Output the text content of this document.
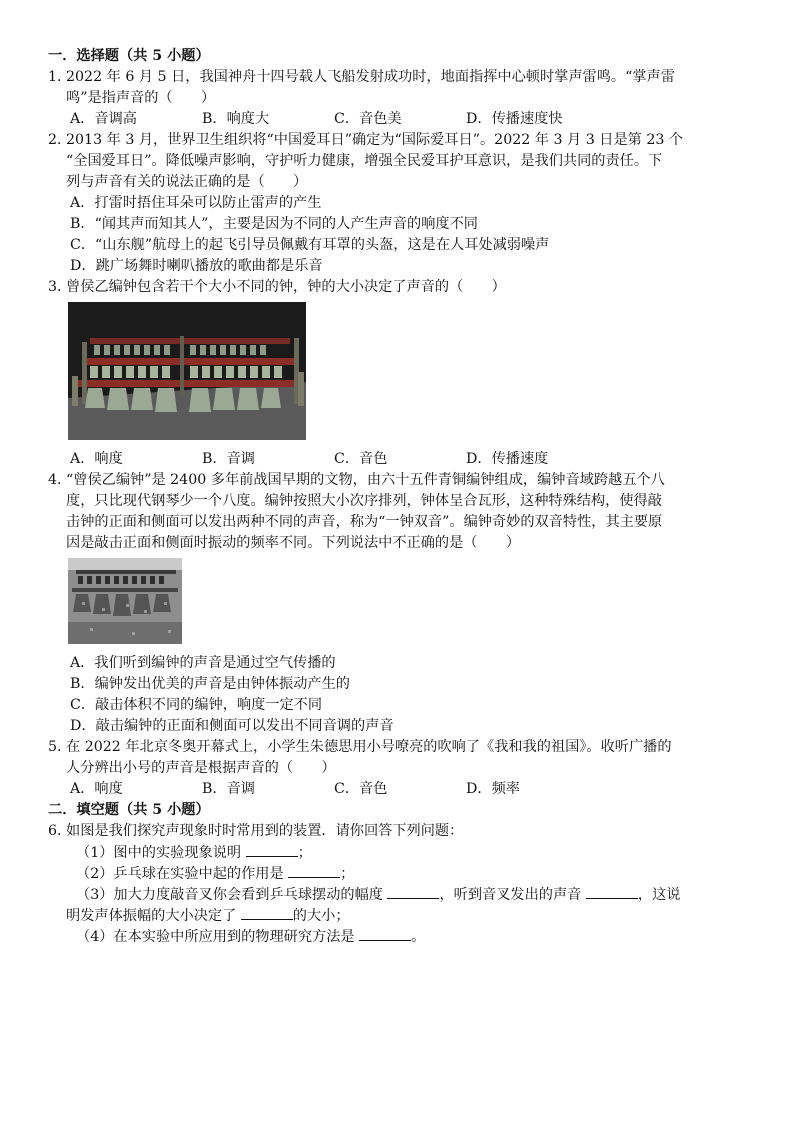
一．选择题（共 5 小题）
1．
2022 年 6 月 5 日，我国神舟十四号载人飞船发射成功时，地面指挥中心顿时掌声雷鸣。“掌声雷
鸣”是指声音的（　　）
A．音调高	B．响度大	C．音色美	D．传播速度快
2．
2013 年 3 月，世界卫生组织将“中国爱耳日”确定为“国际爱耳日”。2022 年 3 月 3 日是第 23 个
“全国爱耳日”。降低噪声影响，守护听力健康，增强全民爱耳护耳意识，是我们共同的责任。下
列与声音有关的说法正确的是（　　）
A．打雷时捂住耳朵可以防止雷声的产生
B．“闻其声而知其人”，主要是因为不同的人产生声音的响度不同
C．“山东舰”航母上的起飞引导员佩戴有耳罩的头盔，这是在人耳处减弱噪声
D．跳广场舞时喇叭播放的歌曲都是乐音
3．
曾侯乙编钟包含若干个大小不同的钟，钟的大小决定了声音的（　　）
A．响度	B．音调	C．音色	D．传播速度
4．
“曾侯乙编钟”是 2400 多年前战国早期的文物，由六十五件青铜编钟组成，编钟音域跨越五个八
度，只比现代钢琴少一个八度。编钟按照大小次序排列，钟体呈合瓦形，这种特殊结构，使得敲
击钟的正面和侧面可以发出两种不同的声音，称为“一钟双音”。编钟奇妙的双音特性，其主要原
因是敲击正面和侧面时振动的频率不同。下列说法中不正确的是（　　）
A．我们听到编钟的声音是通过空气传播的
B．编钟发出优美的声音是由钟体振动产生的
C．敲击体积不同的编钟，响度一定不同
D．敲击编钟的正面和侧面可以发出不同音调的声音
5．
在 2022 年北京冬奥开幕式上，小学生朱德思用小号嘹亮的吹响了《我和我的祖国》。收听广播的
人分辨出小号的声音是根据声音的（　　）
A．响度	B．音调	C．音色	D．频率
二．填空题（共 5 小题）
6．
如图是我们探究声现象时时常用到的装置．请你回答下列问题：
（1）图中的实验现象说明	；
（2）乒乓球在实验中起的作用是	；
（3）加大力度敲音叉你会看到乒乓球摆动的幅度	，听到音叉发出的声音	，这说
明发声体振幅的大小决定了	的大小；
（4）在本实验中所应用到的物理研究方法是	。
